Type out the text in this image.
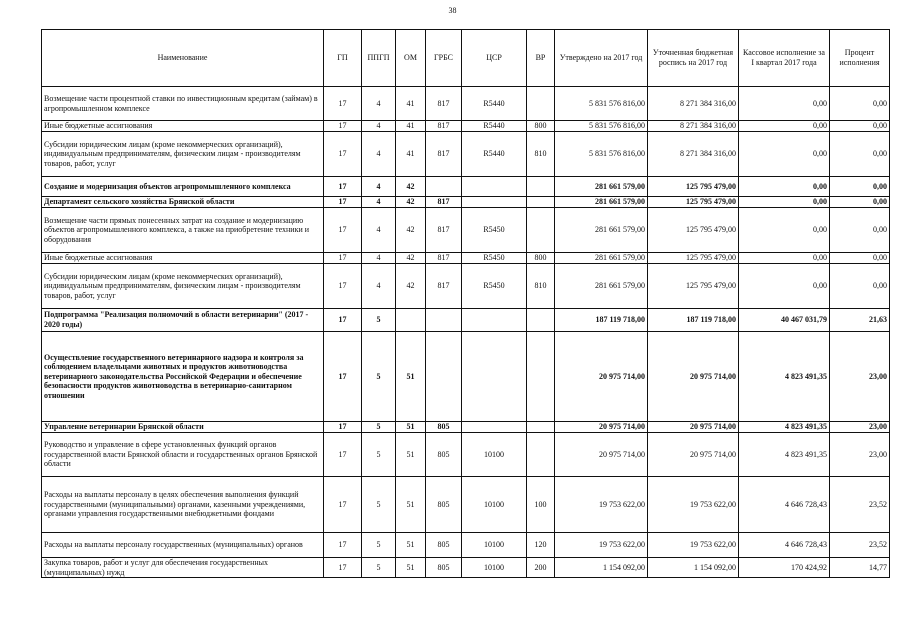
38
Наименование	ГП	ППГП	ОМ	ГРБС	ЦСР	ВР	Утверждено на 2017 год	Уточненная бюджетная роспись на 2017 год	Кассовое исполнение за I квартал 2017 года	Процент исполнения
Возмещение части процентной ставки по инвестиционным кредитам (займам) в агропромышленном комплексе	17	4	41	817	R5440		5 831 576 816,00	8 271 384 316,00	0,00	0,00
Иные бюджетные ассигнования	17	4	41	817	R5440	800	5 831 576 816,00	8 271 384 316,00	0,00	0,00
Субсидии юридическим лицам (кроме некоммерческих организаций), индивидуальным предпринимателям, физическим лицам - производителям товаров, работ, услуг	17	4	41	817	R5440	810	5 831 576 816,00	8 271 384 316,00	0,00	0,00
Создание и модернизация объектов агропромышленного комплекса	17	4	42				281 661 579,00	125 795 479,00	0,00	0,00
Департамент сельского хозяйства Брянской области	17	4	42	817			281 661 579,00	125 795 479,00	0,00	0,00
Возмещение части прямых понесенных затрат на создание и модернизацию объектов агропромышленного комплекса, а также на приобретение техники и оборудования	17	4	42	817	R5450		281 661 579,00	125 795 479,00	0,00	0,00
Иные бюджетные ассигнования	17	4	42	817	R5450	800	281 661 579,00	125 795 479,00	0,00	0,00
Субсидии юридическим лицам (кроме некоммерческих организаций), индивидуальным предпринимателям, физическим лицам - производителям товаров, работ, услуг	17	4	42	817	R5450	810	281 661 579,00	125 795 479,00	0,00	0,00
Подпрограмма "Реализация полномочий в области ветеринарии" (2017 - 2020 годы)	17	5					187 119 718,00	187 119 718,00	40 467 031,79	21,63
Осуществление государственного ветеринарного надзора и контроля за соблюдением владельцами животных и продуктов животноводства ветеринарного законодательства Российской Федерации и обеспечение безопасности продуктов животноводства в ветеринарно-санитарном отношении	17	5	51				20 975 714,00	20 975 714,00	4 823 491,35	23,00
Управление ветеринарии Брянской области	17	5	51	805			20 975 714,00	20 975 714,00	4 823 491,35	23,00
Руководство и управление в сфере установленных функций органов государственной власти Брянской области и государственных органов Брянской области	17	5	51	805	10100		20 975 714,00	20 975 714,00	4 823 491,35	23,00
Расходы на выплаты персоналу в целях обеспечения выполнения функций государственными (муниципальными) органами, казенными учреждениями, органами управления государственными внебюджетными фондами	17	5	51	805	10100	100	19 753 622,00	19 753 622,00	4 646 728,43	23,52
Расходы на выплаты персоналу государственных (муниципальных) органов	17	5	51	805	10100	120	19 753 622,00	19 753 622,00	4 646 728,43	23,52
Закупка товаров, работ и услуг для обеспечения государственных (муниципальных) нужд	17	5	51	805	10100	200	1 154 092,00	1 154 092,00	170 424,92	14,77
